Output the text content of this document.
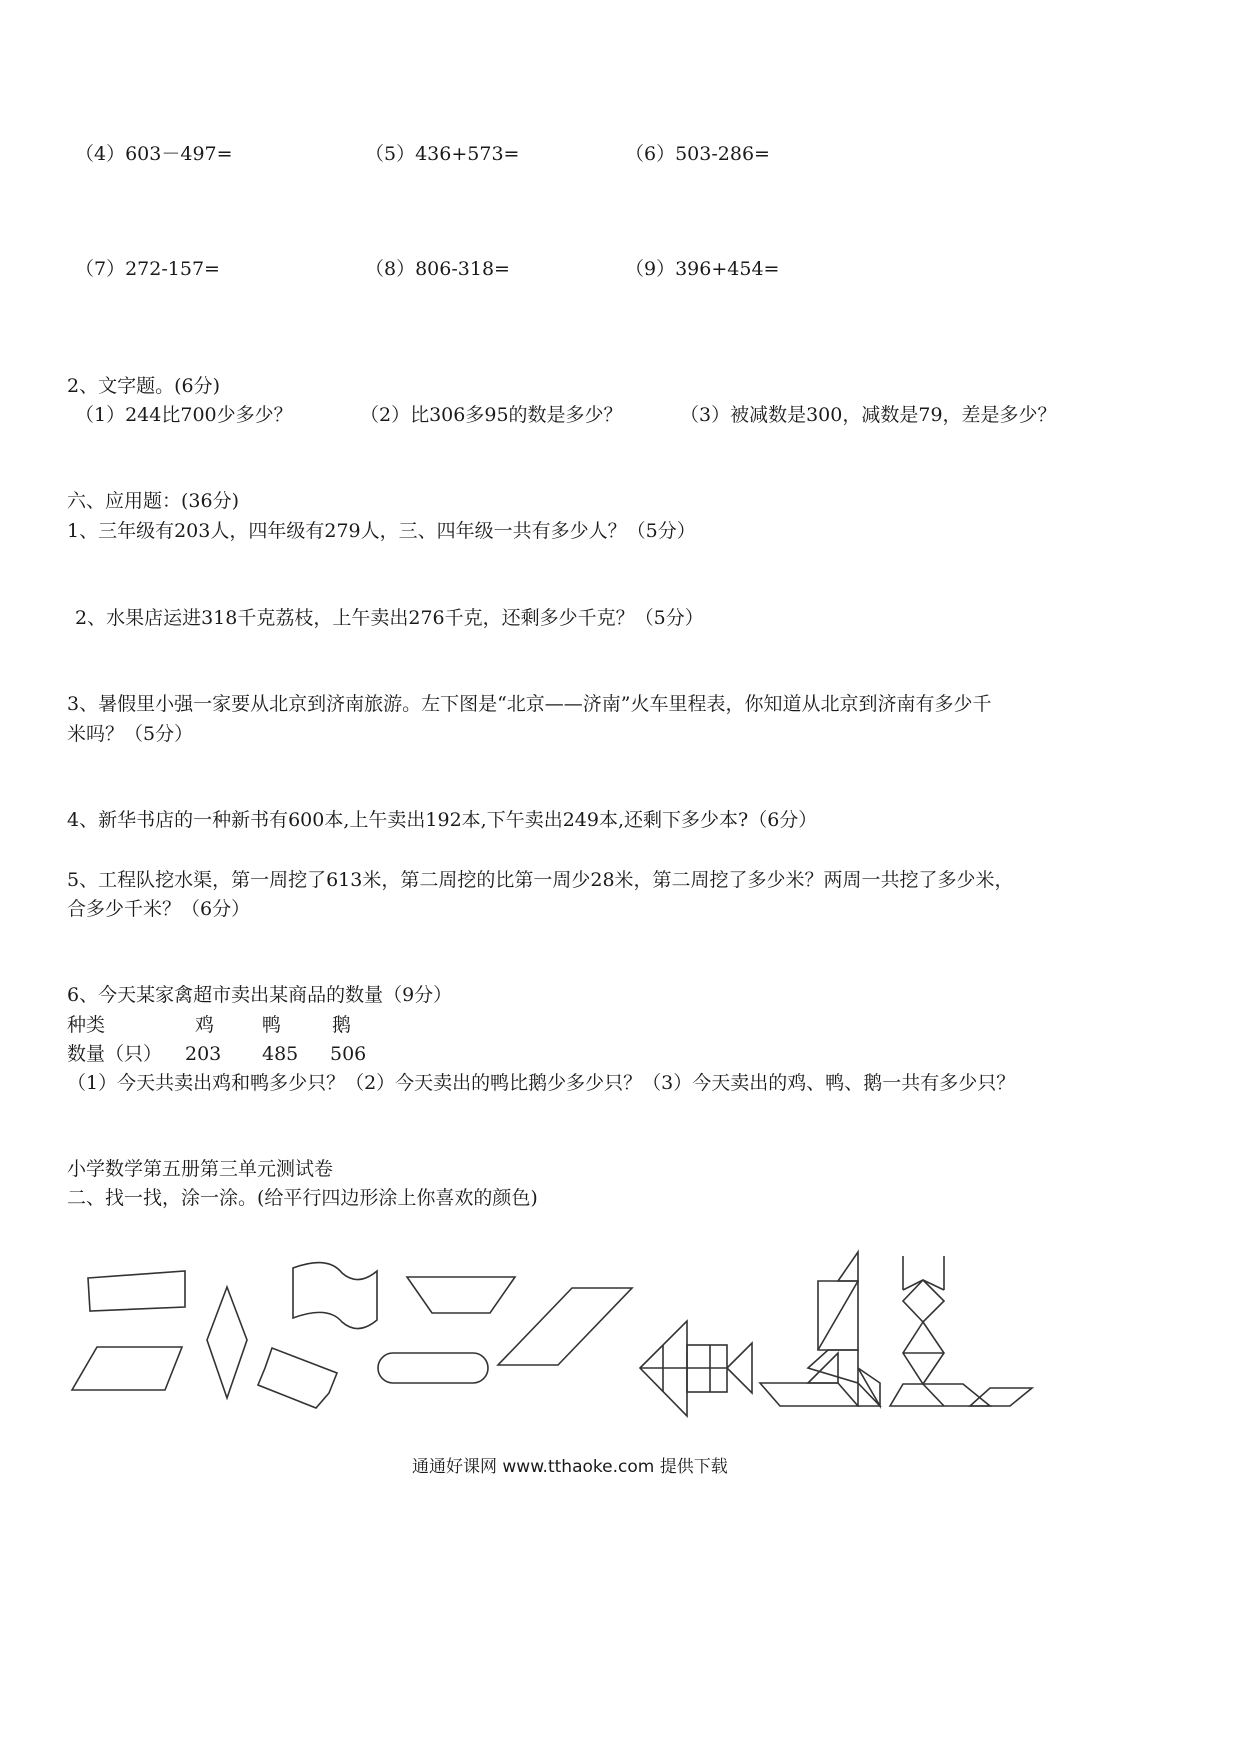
（4）603－497=	（5）436+573=	（6）503-286=
（7）272-157=	（8）806-318=	（9）396+454=
2、文字题。(6分)
（1）244比700少多少？	（2）比306多95的数是多少？	（3）被减数是300，减数是79，差是多少？
六、应用题：(36分)
1、三年级有203人，四年级有279人，三、四年级一共有多少人？（5分）
2、水果店运进318千克荔枝，上午卖出276千克，还剩多少千克？（5分）
3、暑假里小强一家要从北京到济南旅游。左下图是“北京——济南”火车里程表，你知道从北京到济南有多少千
米吗？（5分）
4、新华书店的一种新书有600本,上午卖出192本,下午卖出249本,还剩下多少本?（6分）
5、工程队挖水渠，第一周挖了613米，第二周挖的比第一周少28米，第二周挖了多少米？两周一共挖了多少米，
合多少千米？（6分）
6、今天某家禽超市卖出某商品的数量（9分）
种类	鸡	鸭	鹅
数量（只） 203 485 506
（1）今天共卖出鸡和鸭多少只？（2）今天卖出的鸭比鹅少多少只？（3）今天卖出的鸡、鸭、鹅一共有多少只？
小学数学第五册第三单元测试卷
二、找一找，涂一涂。(给平行四边形涂上你喜欢的颜色)
通通好课网 www.tthaoke.com 提供下载
